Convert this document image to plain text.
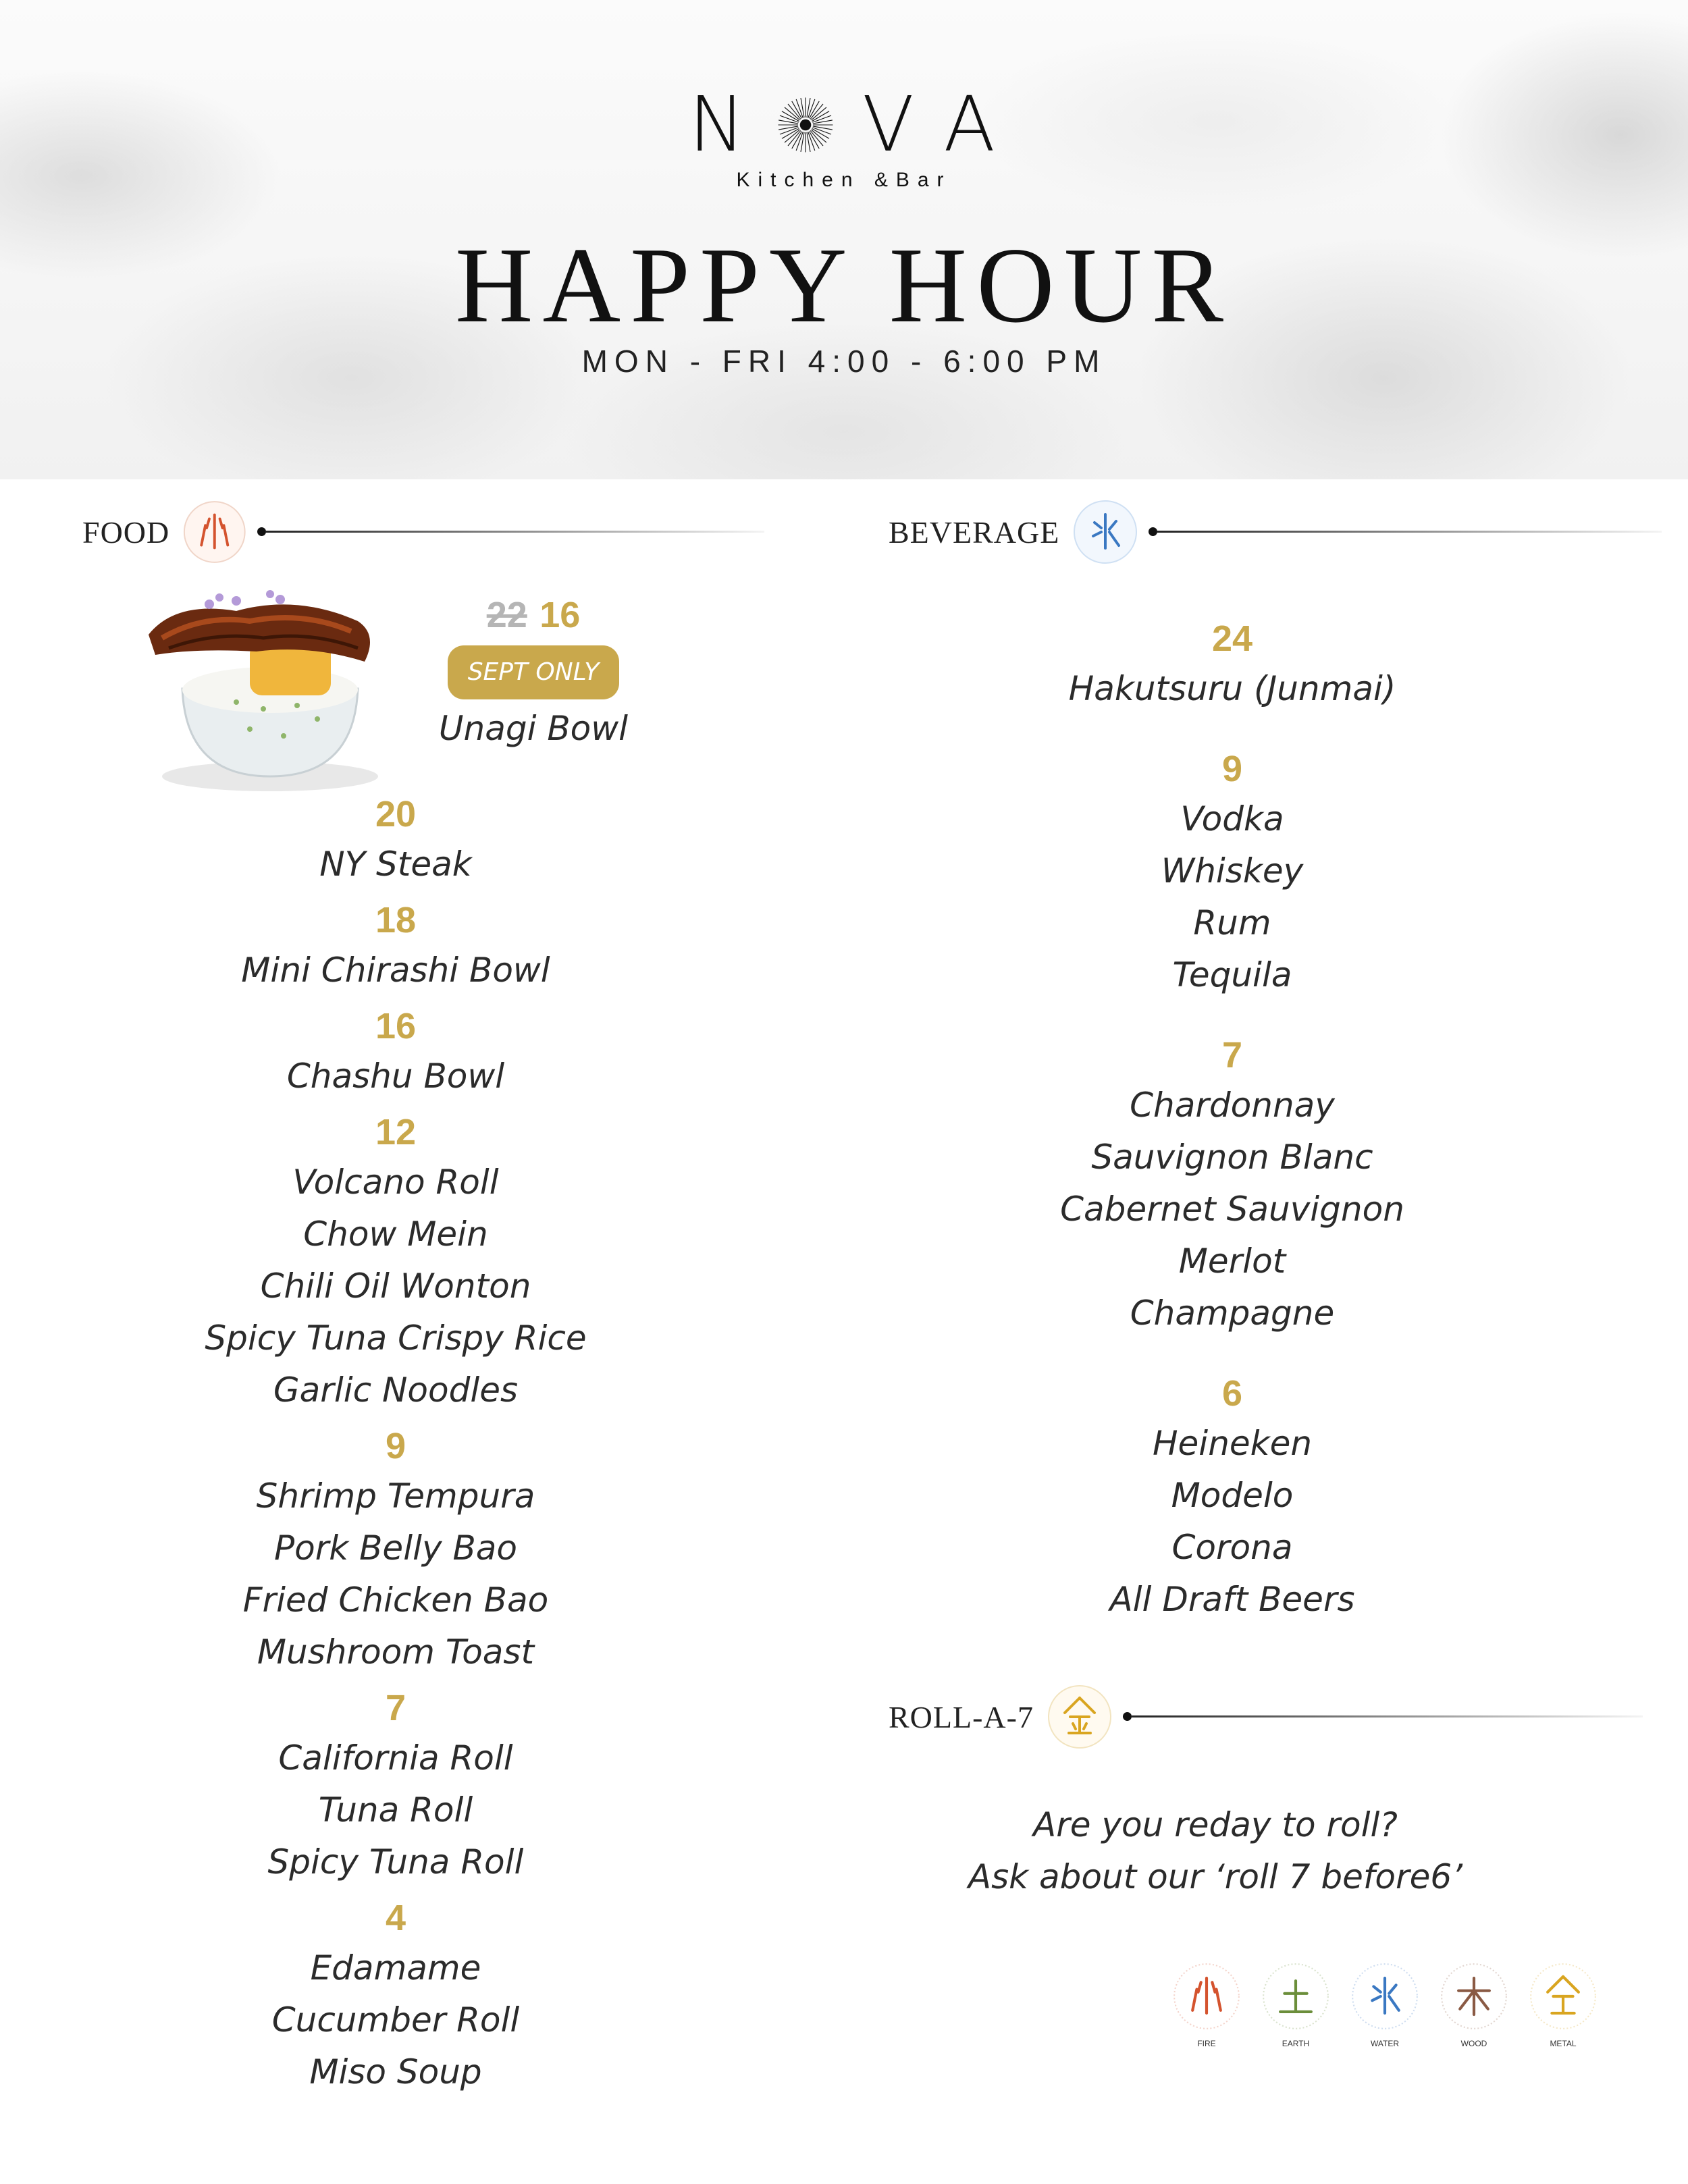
N V A
Kitchen &Bar
HAPPY HOUR
MON - FRI 4:00 - 6:00 PM
FOOD
22 16
SEPT ONLY
Unagi Bowl
20
NY Steak
18
Mini Chirashi Bowl
16
Chashu Bowl
12
Volcano Roll
Chow Mein
Chili Oil Wonton
Spicy Tuna Crispy Rice
Garlic Noodles
9
Shrimp Tempura
Pork Belly Bao
Fried Chicken Bao
Mushroom Toast
7
California Roll
Tuna Roll
Spicy Tuna Roll
4
Edamame
Cucumber Roll
Miso Soup
BEVERAGE
24
Hakutsuru (Junmai)
9
Vodka
Whiskey
Rum
Tequila
7
Chardonnay
Sauvignon Blanc
Cabernet Sauvignon
Merlot
Champagne
6
Heineken
Modelo
Corona
All Draft Beers
ROLL-A-7
Are you reday to roll?
Ask about our ‘roll 7 before6’
FIRE	EARTH	WATER	WOOD	METAL
